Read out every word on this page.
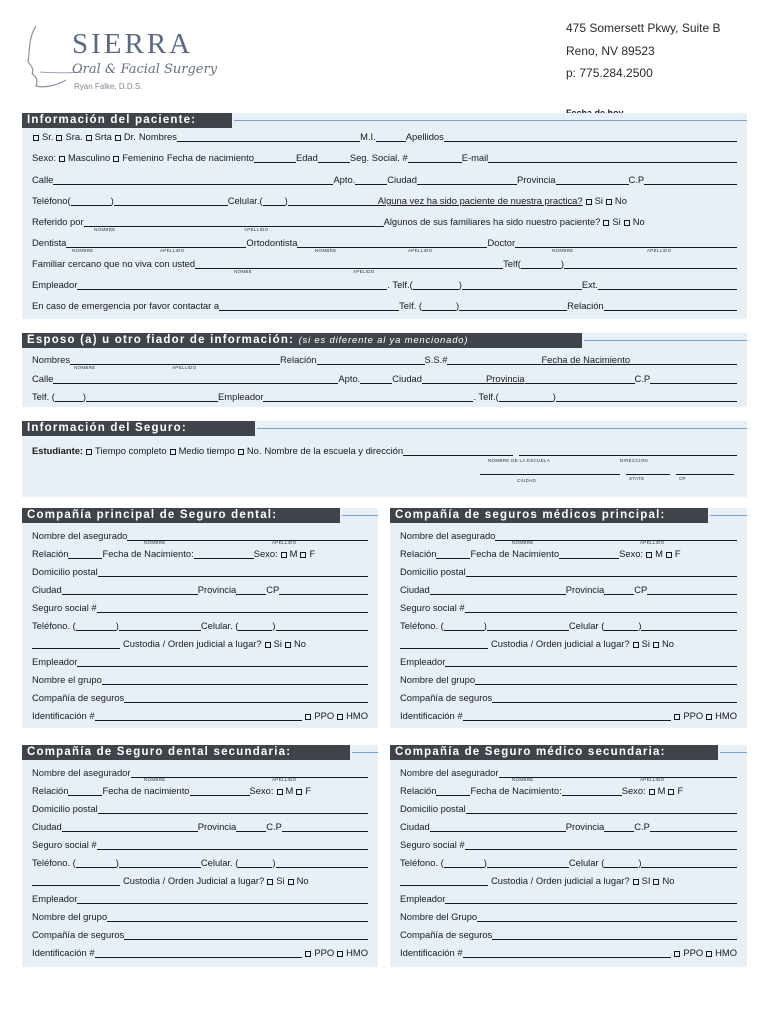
SIERRA
Oral & Facial Surgery
Ryan Falke, D.D.S.
475 Somersett Pkwy, Suite B
Reno, NV 89523
p: 775.284.2500
Información del paciente:
Sr. Sra. Srta Dr. Nombres	M.I.	Apellidos
Sexo: Masculino Femenino Fecha de nacimiento	Edad	Seg. Social. #	E-mail
Calle	Apto.	Ciudad	Provincia	C.P
Teléfono(	)	Celular.( )	Alguna vez ha sido paciente de nuestra practica? Si No
Referido por	Algunos de sus familiares ha sido nuestro paciente? Si No
NOMBRE	APELLIDO
Dentista	Ortodontista	Doctor
NOMBRE	APELLIDO	NOMBRE	APELLIDO	NOMBRE	APELLIDO
Familiar cercano que no viva con usted	Telf(	)
NOMBE	APELIDO
Empleador	. Telf.(	)	Ext.
En caso de emergencia por favor contactar a	Telf. (	)	Relación
Esposo (a) u otro fiador de información: (si es diferente al ya mencionado)
Nombres	Relación	S.S.#	Fecha de Nacimiento
NOMBRE	APELLIDO
Calle	Apto.	Ciudad	Provincia	C.P
Telf. (	)	Empleador	. Telf.(	)
Información del Seguro:
Estudiante: Tiempo completo Medio tiempo No. Nombre de la escuela y dirección
NOMBRE DE LA ESCUELA	DIRECCION
CIUDAD	STATE	CP
Compañía principal de Seguro dental:
Nombre del asegurado
NOMBRE	APELLIDO
Relación	Fecha de Nacimiento:	Sexo: M F
Domicilio postal
Ciudad	Provincia	CP
Seguro social #
Teléfono. (	)	Celular. (	)
Custodia / Orden judicial a lugar? Si No
Empleador
Nombre el grupo
Compañía de seguros
Identificación #	PPO HMO
Compañía de seguros médicos principal:
Nombre del asegurado
NOMBRE	APELLIDO
Relación	Fecha de Nacimiento	Sexo: M F
Domicilio postal
Ciudad	Provincia	CP
Seguro social #
Teléfono. (	)	Celular (	)
Custodia / Orden judicial a lugar? Si No
Empleador
Nombre del grupo
Compañía de seguros
Identificación #	PPO HMO
Compañía de Seguro dental secundaria:
Nombre del asegurador
NOMBRE	APELLIDO
Relación	Fecha de nacimiento	Sexo: M F
Domicilio postal
Ciudad	Provincia	C.P
Seguro social #
Teléfono. (	)	Celular. (	)
Custodia / Orden Judicial a lugar? Si No
Empleador
Nombre del grupo
Compañía de seguros
Identificación #	PPO HMO
Compañía de Seguro médico secundaria:
Nombre del asegurador
NOMBRE	APELLIDO
Relación	Fecha de Nacimiento:	Sexo: M F
Domicilio postal
Ciudad	Provincia	C.P
Seguro social #
Teléfono. (	)	Celular (	)
Custodia / Orden judicial a lugar? SI No
Empleador
Nombre del Grupo
Compañía de seguros
Identificación #	PPO HMO
